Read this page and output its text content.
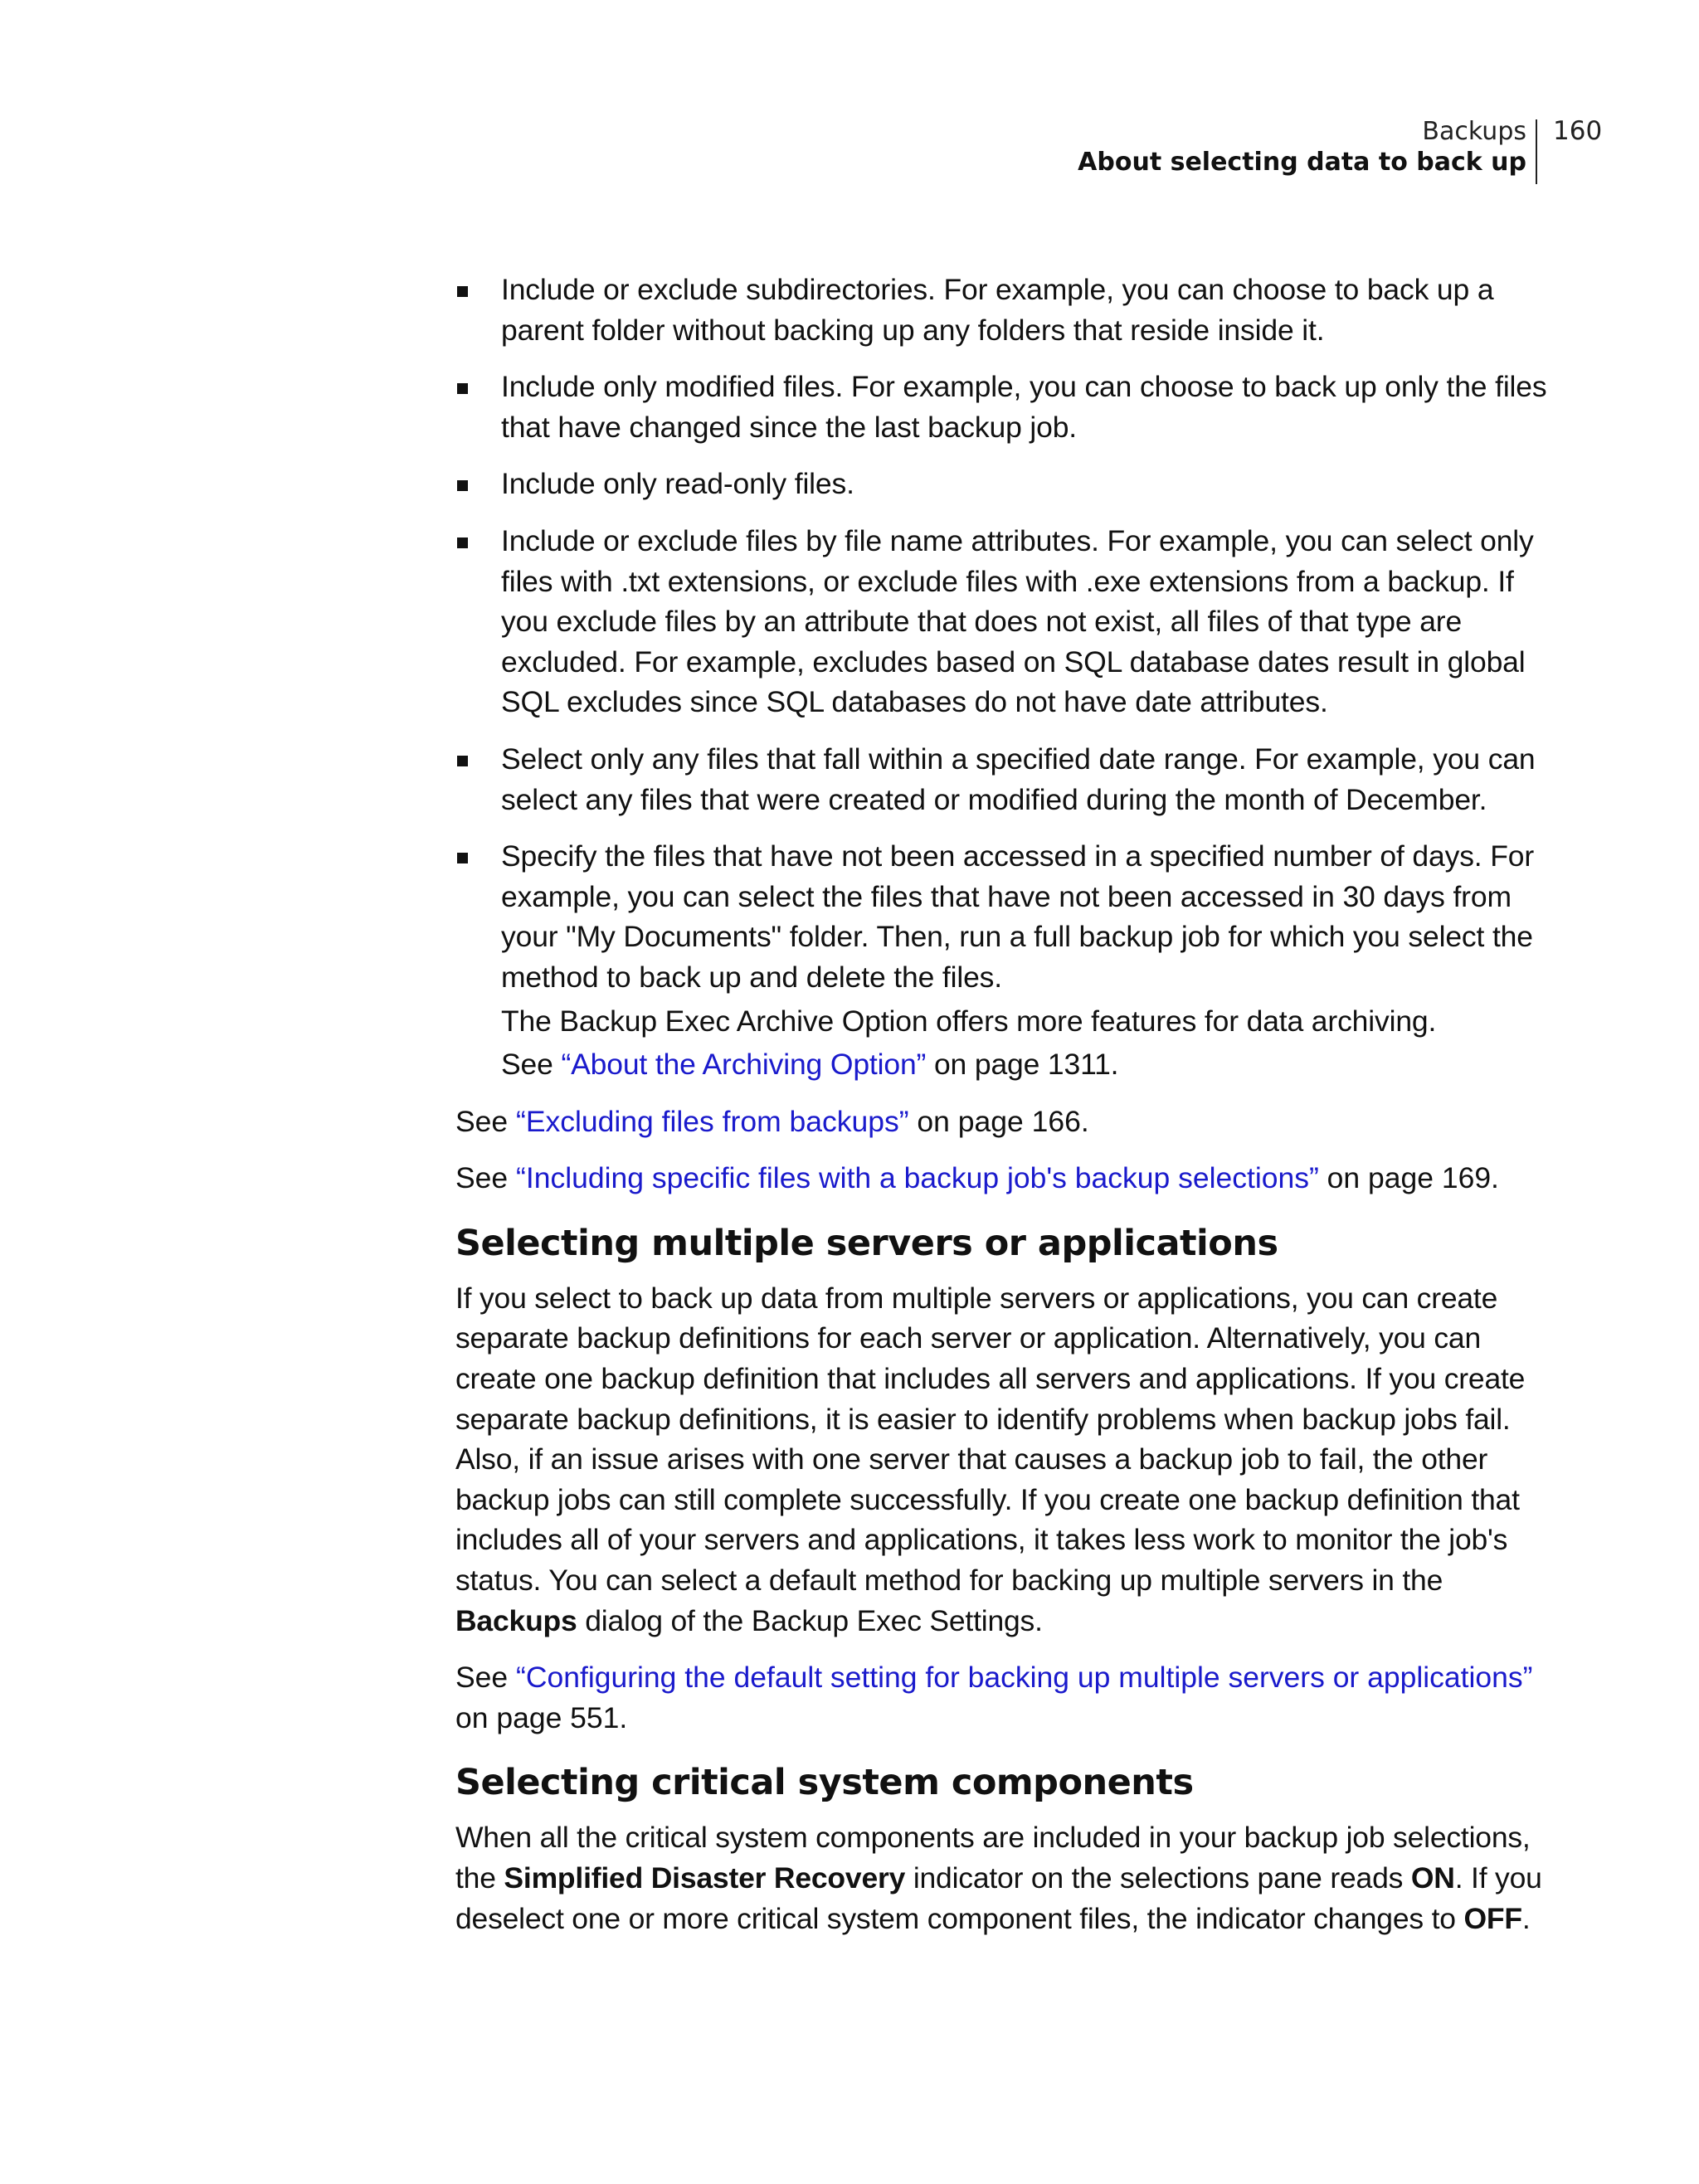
Backups
About selecting data to back up
160

Include or exclude subdirectories. For example, you can choose to back up a parent folder without backing up any folders that reside inside it.

Include only modified files. For example, you can choose to back up only the files that have changed since the last backup job.

Include only read-only files.

Include or exclude files by file name attributes. For example, you can select only files with .txt extensions, or exclude files with .exe extensions from a backup. If you exclude files by an attribute that does not exist, all files of that type are excluded. For example, excludes based on SQL database dates result in global SQL excludes since SQL databases do not have date attributes.

Select only any files that fall within a specified date range. For example, you can select any files that were created or modified during the month of December.

Specify the files that have not been accessed in a specified number of days. For example, you can select the files that have not been accessed in 30 days from your "My Documents" folder. Then, run a full backup job for which you select the method to back up and delete the files.

The Backup Exec Archive Option offers more features for data archiving.

See “About the Archiving Option” on page 1311.

See “Excluding files from backups” on page 166.

See “Including specific files with a backup job's backup selections” on page 169.

Selecting multiple servers or applications

If you select to back up data from multiple servers or applications, you can create separate backup definitions for each server or application. Alternatively, you can create one backup definition that includes all servers and applications. If you create separate backup definitions, it is easier to identify problems when backup jobs fail. Also, if an issue arises with one server that causes a backup job to fail, the other backup jobs can still complete successfully. If you create one backup definition that includes all of your servers and applications, it takes less work to monitor the job's status. You can select a default method for backing up multiple servers in the Backups dialog of the Backup Exec Settings.

See “Configuring the default setting for backing up multiple servers or applications” on page 551.

Selecting critical system components

When all the critical system components are included in your backup job selections, the Simplified Disaster Recovery indicator on the selections pane reads ON. If you deselect one or more critical system component files, the indicator changes to OFF.
